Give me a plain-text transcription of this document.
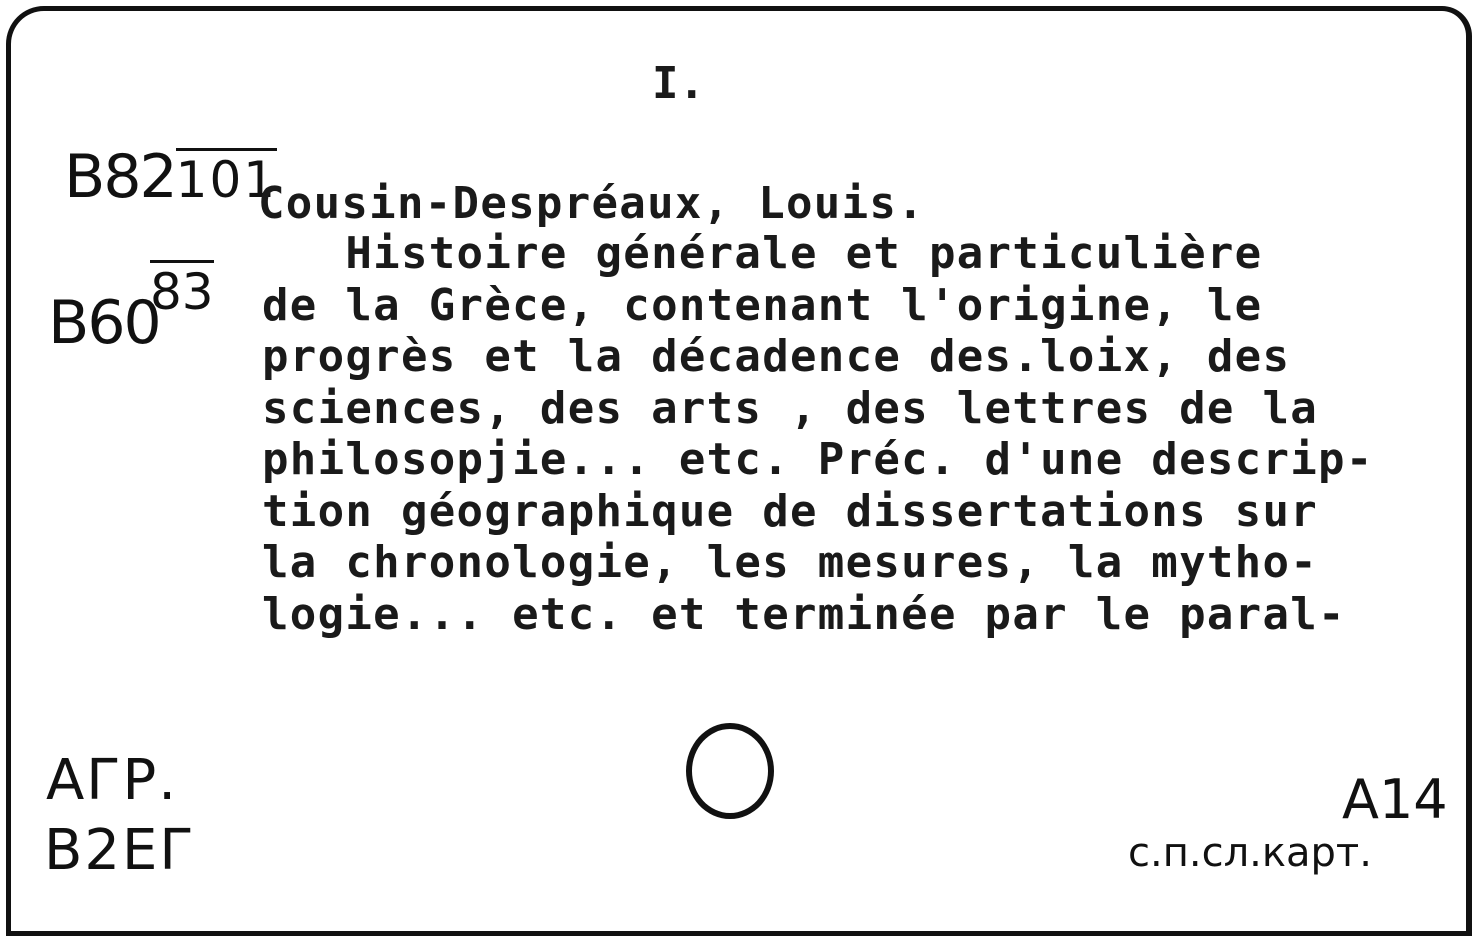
B82101

B60

83
I.
Cousin-Despréaux, Louis.
Histoire générale et particulière
de la Grèce, contenant l'origine, le
progrès et la décadence des.loix, des
sciences, des arts , des lettres de la
philosopjie... etc. Préc. d'une descrip-
tion géographique de dissertations sur
la chronologie, les mesures, la mytho-
logie... etc. et terminée par le paral-
АГР.
В2ЕГ
А14
с.п.сл.карт.
